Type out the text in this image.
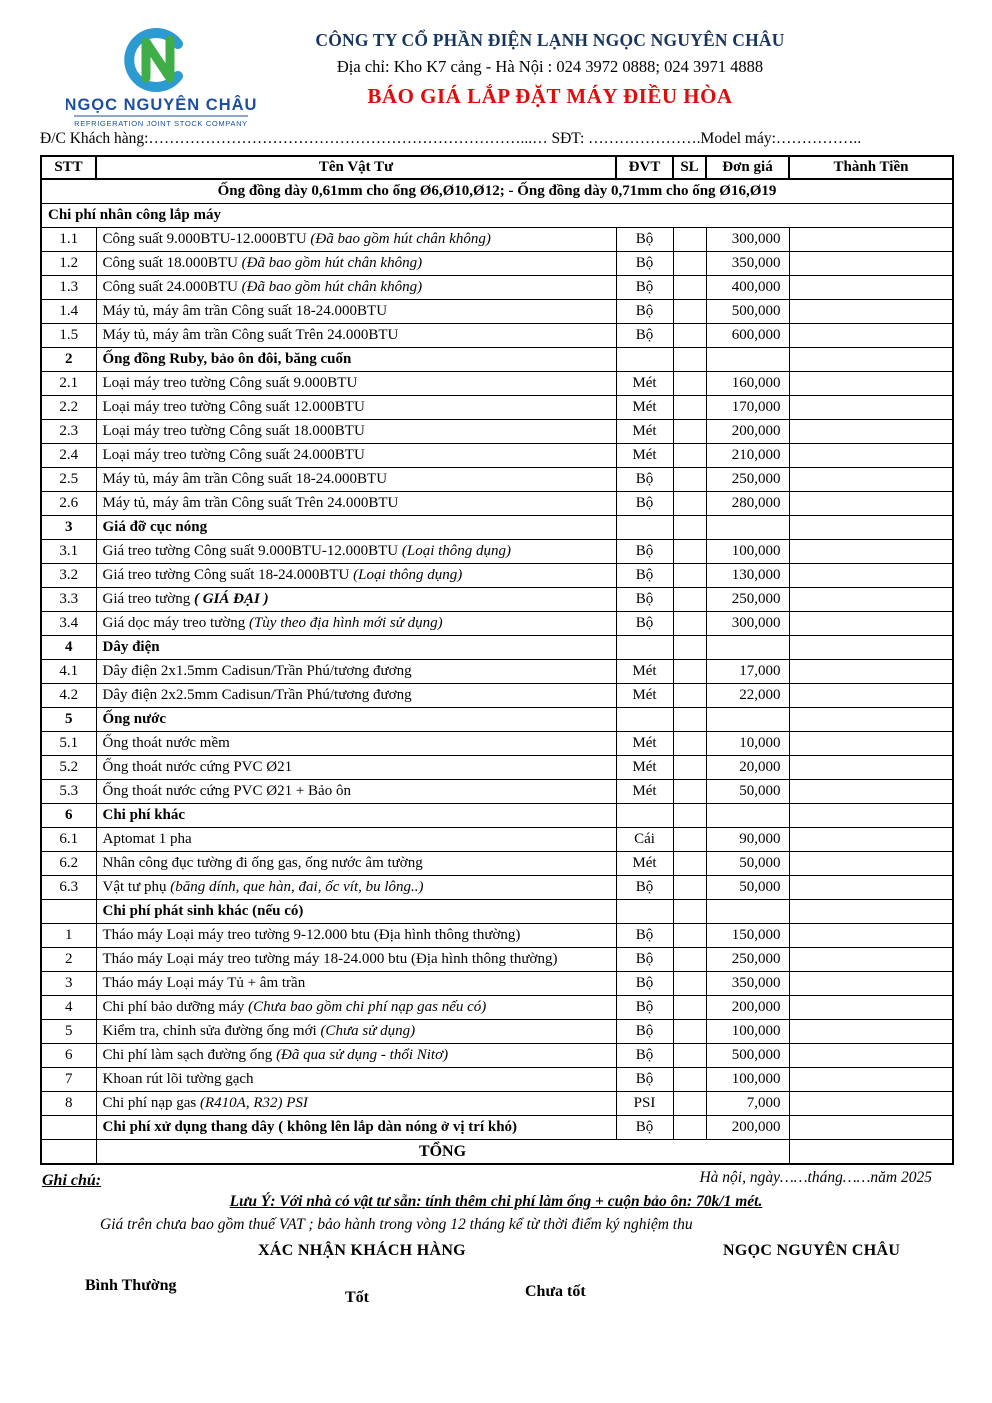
NGỌC NGUYÊN CHÂU
REFRIGERATION JOINT STOCK COMPANY
CÔNG TY CỔ PHẦN ĐIỆN LẠNH NGỌC NGUYÊN CHÂU
Địa chỉ: Kho K7 cảng - Hà Nội : 024 3972 0888; 024 3971 4888
BÁO GIÁ LẮP ĐẶT MÁY ĐIỀU HÒA
Đ/C Khách hàng:………………………………………………………………...… SĐT: ………………….Model máy:……………..
STT	Tên Vật Tư	ĐVT	SL	Đơn giá	Thành Tiền
Ống đồng dày 0,61mm cho ống Ø6,Ø10,Ø12; - Ống đồng dày 0,71mm cho ống Ø16,Ø19					
Chi phí nhân công lắp máy					
1.1	Công suất 9.000BTU-12.000BTU (Đã bao gồm hút chân không)	Bộ		300,000	
1.2	Công suất 18.000BTU (Đã bao gồm hút chân không)	Bộ		350,000	
1.3	Công suất 24.000BTU (Đã bao gồm hút chân không)	Bộ		400,000	
1.4	Máy tủ, máy âm trần Công suất 18-24.000BTU	Bộ		500,000	
1.5	Máy tủ, máy âm trần Công suất Trên 24.000BTU	Bộ		600,000	
2	Ống đồng Ruby, bảo ôn đôi, băng cuốn				
2.1	Loại máy treo tường Công suất 9.000BTU	Mét		160,000	
2.2	Loại máy treo tường Công suất 12.000BTU	Mét		170,000	
2.3	Loại máy treo tường Công suất 18.000BTU	Mét		200,000	
2.4	Loại máy treo tường Công suất 24.000BTU	Mét		210,000	
2.5	Máy tủ, máy âm trần Công suất 18-24.000BTU	Bộ		250,000	
2.6	Máy tủ, máy âm trần Công suất Trên 24.000BTU	Bộ		280,000	
3	Giá đỡ cục nóng				
3.1	Giá treo tường Công suất 9.000BTU-12.000BTU (Loại thông dụng)	Bộ		100,000	
3.2	Giá treo tường Công suất 18-24.000BTU (Loại thông dụng)	Bộ		130,000	
3.3	Giá treo tường ( GIÁ ĐẠI )	Bộ		250,000	
3.4	Giá dọc máy treo tường (Tùy theo địa hình mới sử dụng)	Bộ		300,000	
4	Dây điện				
4.1	Dây điện 2x1.5mm Cadisun/Trần Phú/tương đương	Mét		17,000	
4.2	Dây điện 2x2.5mm Cadisun/Trần Phú/tương đương	Mét		22,000	
5	Ống nước				
5.1	Ống thoát nước mềm	Mét		10,000	
5.2	Ống thoát nước cứng PVC Ø21	Mét		20,000	
5.3	Ống thoát nước cứng PVC Ø21 + Bảo ôn	Mét		50,000	
6	Chi phí khác				
6.1	Aptomat 1 pha	Cái		90,000	
6.2	Nhân công đục tường đi ống gas, ống nước âm tường	Mét		50,000	
6.3	Vật tư phụ (băng dính, que hàn, đai, ốc vít, bu lông..)	Bộ		50,000	
	Chi phí phát sinh khác (nếu có)				
1	Tháo máy Loại máy treo tường 9-12.000 btu (Địa hình thông thường)	Bộ		150,000	
2	Tháo máy Loại máy treo tường máy 18-24.000 btu (Địa hình thông thường)	Bộ		250,000	
3	Tháo máy Loại máy Tủ + âm trần	Bộ		350,000	
4	Chi phí bảo dưỡng máy (Chưa bao gồm chi phí nạp gas nếu có)	Bộ		200,000	
5	Kiểm tra, chỉnh sửa đường ống mới (Chưa sử dụng)	Bộ		100,000	
6	Chi phí làm sạch đường ống (Đã qua sử dụng - thổi Nitơ)	Bộ		500,000	
7	Khoan rút lõi tường gạch	Bộ		100,000	
8	Chi phí nạp gas (R410A, R32) PSI	PSI		7,000	
	Chi phí xử dụng thang dây ( không lên lắp dàn nóng ở vị trí khó)	Bộ		200,000	
	TỔNG				
Ghi chú:	Hà nội, ngày……tháng……năm 2025
Lưu Ý: Với nhà có vật tư sẵn: tính thêm chi phí làm ống + cuộn bảo ôn: 70k/1 mét.
Giá trên chưa bao gồm thuế VAT ; bảo hành trong vòng 12 tháng kể từ thời điểm ký nghiệm thu
XÁC NHẬN KHÁCH HÀNG	NGỌC NGUYÊN CHÂU
Bình Thường
Tốt	Chưa tốt
